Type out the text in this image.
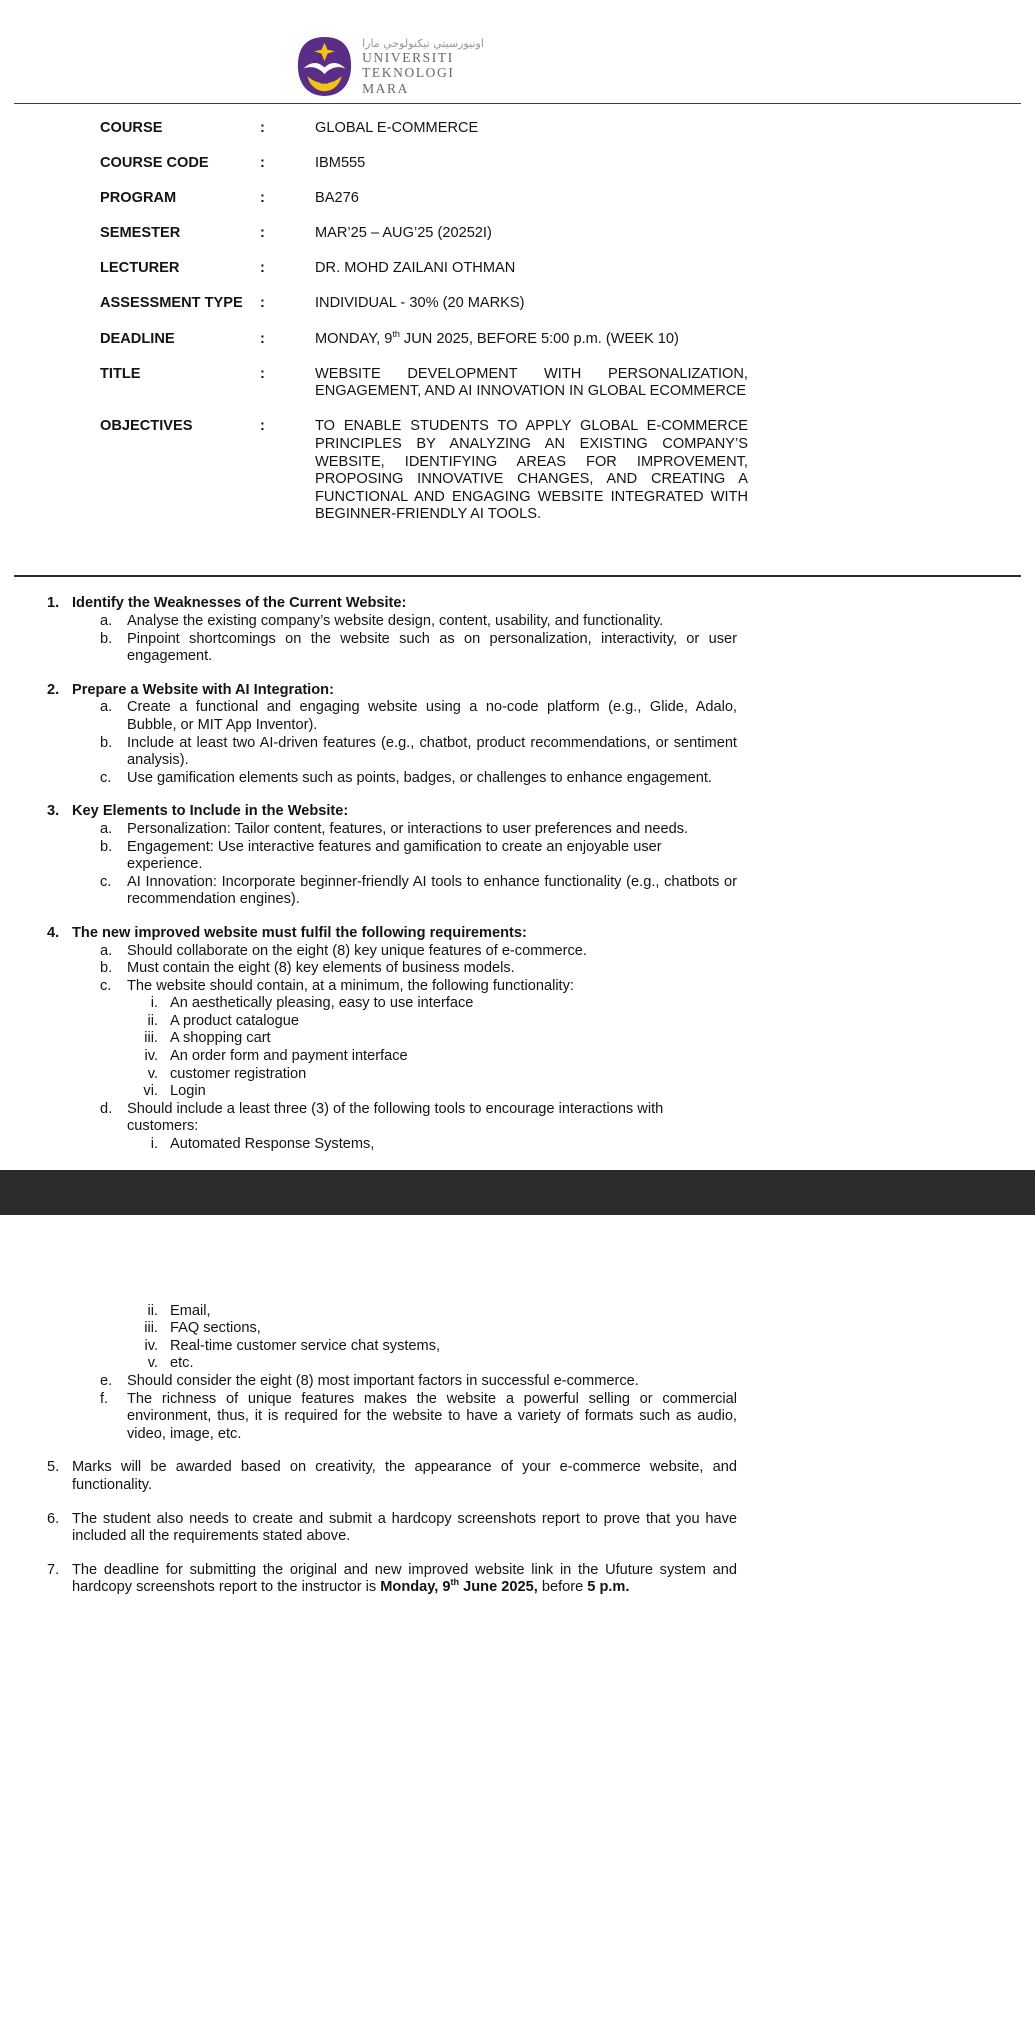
اونيورسيتي تيكنولوجي مارا
UNIVERSITI
TEKNOLOGI
MARA
COURSE	:	GLOBAL E-COMMERCE
COURSE CODE	:	IBM555
PROGRAM	:	BA276
SEMESTER	:	MAR’25 – AUG’25 (20252I)
LECTURER	:	DR. MOHD ZAILANI OTHMAN
ASSESSMENT TYPE	:	INDIVIDUAL - 30% (20 MARKS)
DEADLINE	:	MONDAY, 9th JUN 2025, BEFORE 5:00 p.m. (WEEK 10)
TITLE	:	WEBSITE DEVELOPMENT WITH PERSONALIZATION, ENGAGEMENT, AND AI INNOVATION IN GLOBAL ECOMMERCE
OBJECTIVES	:	TO ENABLE STUDENTS TO APPLY GLOBAL E-COMMERCE PRINCIPLES BY ANALYZING AN EXISTING COMPANY’S WEBSITE, IDENTIFYING AREAS FOR IMPROVEMENT, PROPOSING INNOVATIVE CHANGES, AND CREATING A FUNCTIONAL AND ENGAGING WEBSITE INTEGRATED WITH BEGINNER-FRIENDLY AI TOOLS.
1. Identify the Weaknesses of the Current Website:
a.	Analyse the existing company’s website design, content, usability, and functionality.
b.	Pinpoint shortcomings on the website such as on personalization, interactivity, or user engagement.
2. Prepare a Website with AI Integration:
a.	Create a functional and engaging website using a no-code platform (e.g., Glide, Adalo, Bubble, or MIT App Inventor).
b.	Include at least two AI-driven features (e.g., chatbot, product recommendations, or sentiment analysis).
c.	Use gamification elements such as points, badges, or challenges to enhance engagement.
3. Key Elements to Include in the Website:
a.	Personalization: Tailor content, features, or interactions to user preferences and needs.
b.	Engagement: Use interactive features and gamification to create an enjoyable user experience.
c.	AI Innovation: Incorporate beginner-friendly AI tools to enhance functionality (e.g., chatbots or recommendation engines).
4. The new improved website must fulfil the following requirements:
a.	Should collaborate on the eight (8) key unique features of e-commerce.
b.	Must contain the eight (8) key elements of business models.
c.	The website should contain, at a minimum, the following functionality:
i. An aesthetically pleasing, easy to use interface
ii. A product catalogue
iii. A shopping cart
iv. An order form and payment interface
v. customer registration
vi. Login
d.	Should include a least three (3) of the following tools to encourage interactions with customers:
i. Automated Response Systems,
ii. Email,
iii. FAQ sections,
iv. Real-time customer service chat systems,
v. etc.
e.	Should consider the eight (8) most important factors in successful e-commerce.
f.	The richness of unique features makes the website a powerful selling or commercial environment, thus, it is required for the website to have a variety of formats such as audio, video, image, etc.
5. Marks will be awarded based on creativity, the appearance of your e-commerce website, and functionality.
6. The student also needs to create and submit a hardcopy screenshots report to prove that you have included all the requirements stated above.
7. The deadline for submitting the original and new improved website link in the Ufuture system and hardcopy screenshots report to the instructor is Monday, 9th June 2025, before 5 p.m.
